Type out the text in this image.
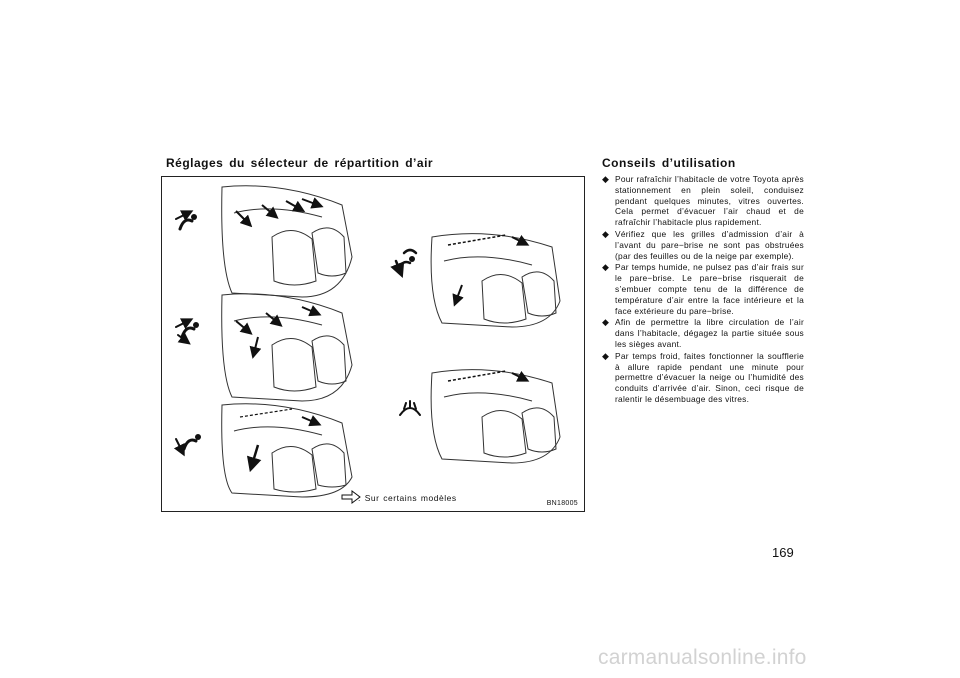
Réglages du sélecteur de répartition d’air	Conseils d’utilisation
: Sur certains modèles
BN18005
◆ Pour rafraîchir l’habitacle de votre Toyota après stationnement en plein soleil, conduisez pendant quelques minutes, vitres ouvertes. Cela permet d’évacuer l’air chaud et de rafraîchir l’habitacle plus rapidement.
◆ Vérifiez que les grilles d’admission d’air à l’avant du pare−brise ne sont pas obstruées (par des feuilles ou de la neige par exemple).
◆ Par temps humide, ne pulsez pas d’air frais sur le pare−brise. Le pare−brise risquerait de s’embuer compte tenu de la différence de température d’air entre la face intérieure et la face extérieure du pare−brise.
◆ Afin de permettre la libre circulation de l’air dans l’habitacle, dégagez la partie située sous les sièges avant.
◆ Par temps froid, faites fonctionner la soufflerie à allure rapide pendant une minute pour permettre d’évacuer la neige ou l’humidité des conduits d’arrivée d’air. Sinon, ceci risque de ralentir le désembuage des vitres.
169
carmanualsonline.info
